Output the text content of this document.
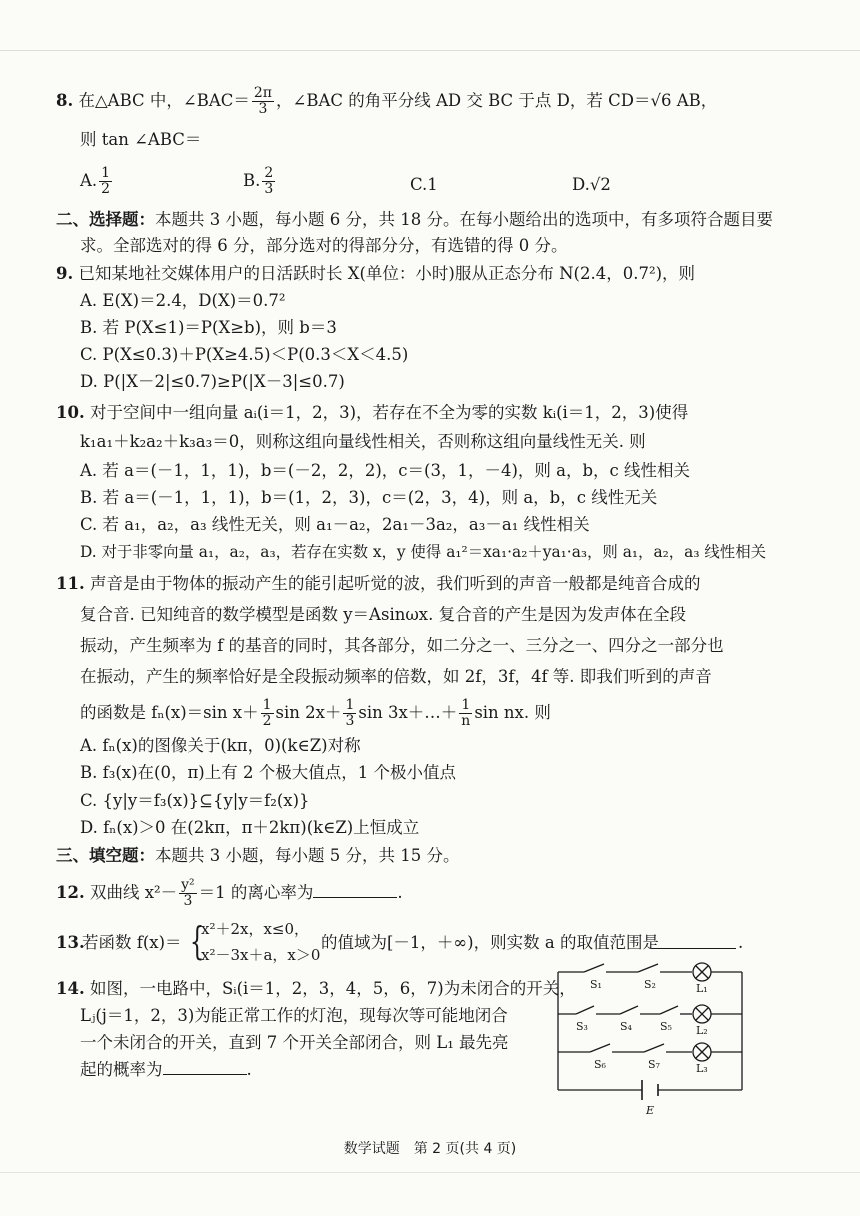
8. 在△ABC 中，∠BAC＝ $\frac{2\pi}{3}$ ，∠BAC 的角平分线 AD 交 BC 于点 D，若 CD＝√6 AB，
则 tan ∠ABC＝
A. $\frac{1}{2}$	B. $\frac{2}{3}$	C.1	D.√2
二、选择题：本题共 3 小题，每小题 6 分，共 18 分。在每小题给出的选项中，有多项符合题目要
求。全部选对的得 6 分，部分选对的得部分分，有选错的得 0 分。
9. 已知某地社交媒体用户的日活跃时长 X(单位：小时)服从正态分布 N(2.4，0.7²)，则
A. E(X)＝2.4，D(X)＝0.7²
B. 若 P(X≤1)＝P(X≥b)，则 b＝3
C. P(X≤0.3)＋P(X≥4.5)＜P(0.3＜X＜4.5)
D. P(|X－2|≤0.7)≥P(|X－3|≤0.7)
10. 对于空间中一组向量 aᵢ(i＝1，2，3)，若存在不全为零的实数 kᵢ(i＝1，2，3)使得
k₁a₁＋k₂a₂＋k₃a₃＝0，则称这组向量线性相关，否则称这组向量线性无关. 则
A. 若 a＝(－1，1，1)，b＝(－2，2，2)，c＝(3，1，－4)，则 a，b，c 线性相关
B. 若 a＝(－1，1，1)，b＝(1，2，3)，c＝(2，3，4)，则 a，b，c 线性无关
C. 若 a₁，a₂，a₃ 线性无关，则 a₁－a₂，2a₁－3a₂，a₃－a₁ 线性相关
D. 对于非零向量 a₁，a₂，a₃，若存在实数 x，y 使得 a₁²＝xa₁·a₂＋ya₁·a₃，则 a₁，a₂，a₃ 线性相关
11. 声音是由于物体的振动产生的能引起听觉的波，我们听到的声音一般都是纯音合成的
复合音. 已知纯音的数学模型是函数 y＝Asinωx. 复合音的产生是因为发声体在全段
振动，产生频率为 f 的基音的同时，其各部分，如二分之一、三分之一、四分之一部分也
在振动，产生的频率恰好是全段振动频率的倍数，如 2f，3f，4f 等. 即我们听到的声音
的函数是 fₙ(x)＝sin $x+ \frac{1}{2}$ $\sin 2x+ \frac{1}{3}$ sin 3x＋…＋ $\frac{1}{n}$ sin nx. 则
A. fₙ(x)的图像关于(kπ，0)(k∈Z)对称
B. f₃(x)在(0，π)上有 2 个极大值点，1 个极小值点
C. {y|y＝f₃(x)}⊆{y|y＝f₂(x)}
D. fₙ(x)＞0 在(2kπ，π＋2kπ)(k∈Z)上恒成立
三、填空题：本题共 3 小题，每小题 5 分，共 15 分。
12. 双曲线 $x^2- \frac{\text{y²}}{3} =1$ 的离心率为	.
13.
若函数 f(x)＝ {
x²＋2x，x≤0，
x²－3x＋a，x＞0
的值域为[－1，＋∞)，则实数 a 的取值范围是	.
14. 如图，一电路中，Sᵢ(i＝1，2，3，4，5，6，7)为未闭合的开关，
Lⱼ(j＝1，2，3)为能正常工作的灯泡，现每次等可能地闭合
一个未闭合的开关，直到 7 个开关全部闭合，则 L₁ 最先亮
起的概率为	.
S₁	S₂	L₁
S₃	S₄	S₅ L₂
S₆	S₇	L₃
E
数学试题　第 2 页(共 4 页)
